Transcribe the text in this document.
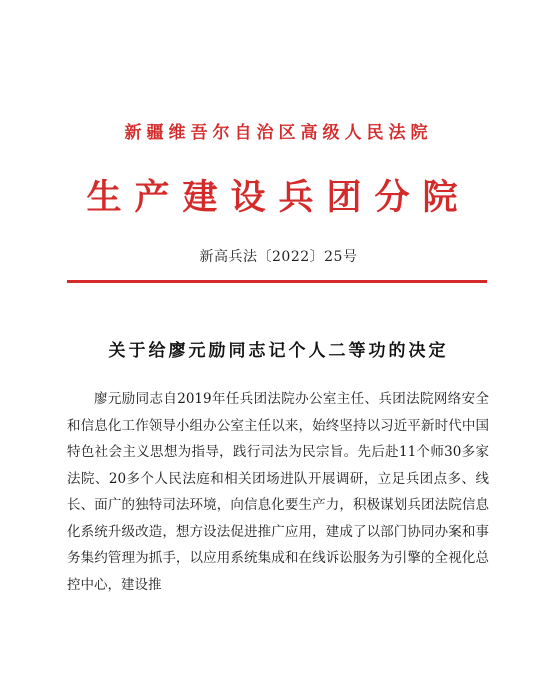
新疆维吾尔自治区高级人民法院
生产建设兵团分院
新高兵法〔2022〕25号
关于给廖元励同志记个人二等功的决定

廖元励同志自2019年任兵团法院办公室主任、兵团法院网络安全和信息化工作领导小组办公室主任以来，始终坚持以习近平新时代中国特色社会主义思想为指导，践行司法为民宗旨。先后赴11个师30多家法院、20多个人民法庭和相关团场进队开展调研，立足兵团点多、线长、面广的独特司法环境，向信息化要生产力，积极谋划兵团法院信息化系统升级改造，想方设法促进推广应用，建成了以部门协同办案和事务集约管理为抓手，以应用系统集成和在线诉讼服务为引擎的全视化总控中心，建设推
